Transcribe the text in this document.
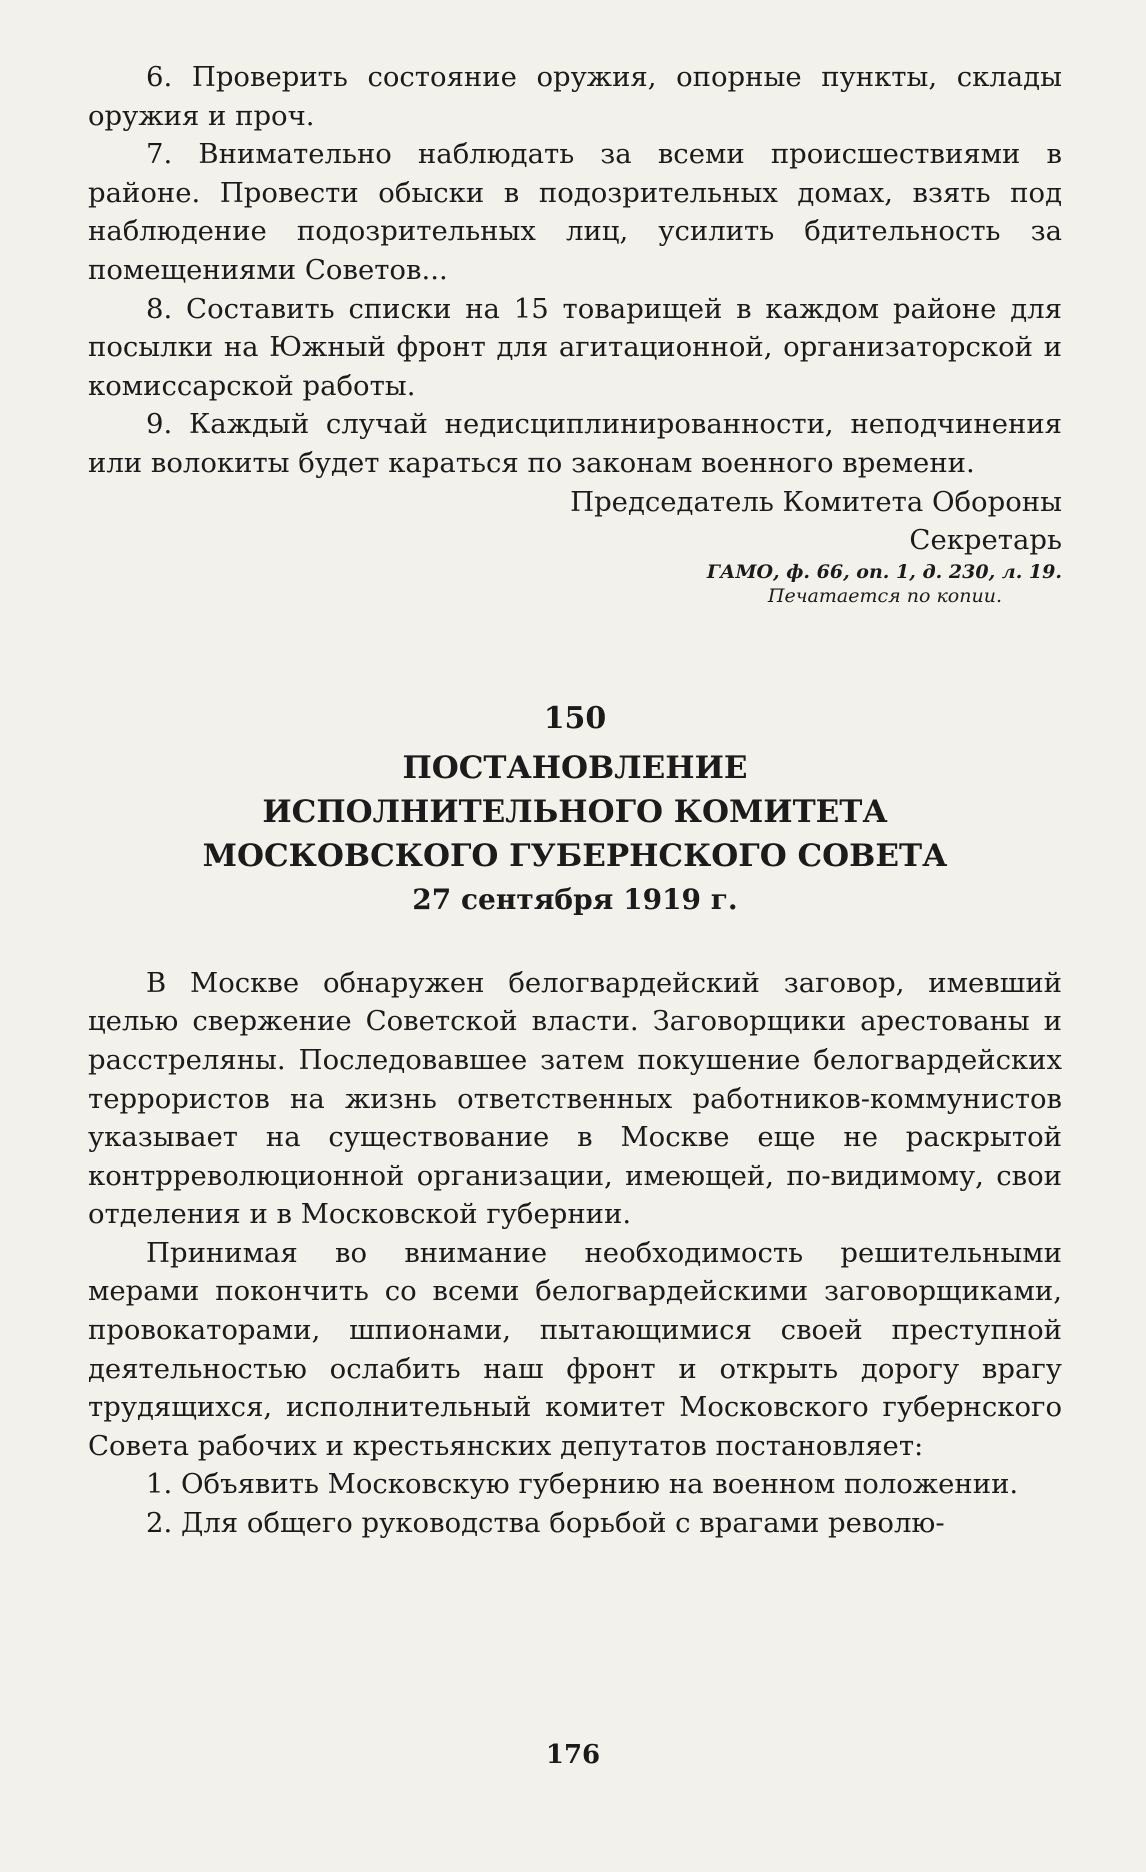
6. Проверить состояние оружия, опорные пункты, склады оружия и проч.

7. Внимательно наблюдать за всеми происшествиями в районе. Провести обыски в подозрительных домах, взять под наблюдение подозрительных лиц, усилить бдительность за помещениями Советов...

8. Составить списки на 15 товарищей в каждом районе для посылки на Южный фронт для агитационной, организаторской и комиссарской работы.

9. Каждый случай недисциплинированности, неподчинения или волокиты будет караться по законам военного времени.

Председатель Комитета Обороны

Секретарь

ГАМО, ф. 66, оп. 1, д. 230, л. 19.
Печатается по копии.

150

ПОСТАНОВЛЕНИЕ

ИСПОЛНИТЕЛЬНОГО КОМИТЕТА

МОСКОВСКОГО ГУБЕРНСКОГО СОВЕТА

27 сентября 1919 г.

В Москве обнаружен белогвардейский заговор, имевший целью свержение Советской власти. Заговорщики арестованы и расстреляны. Последовавшее затем покушение белогвардейских террористов на жизнь ответственных работников-коммунистов указывает на существование в Москве еще не раскрытой контрреволюционной организации, имеющей, по-видимому, свои отделения и в Московской губернии.

Принимая во внимание необходимость решительными мерами покончить со всеми белогвардейскими заговорщиками, провокаторами, шпионами, пытающимися своей преступной деятельностью ослабить наш фронт и открыть дорогу врагу трудящихся, исполнительный комитет Московского губернского Совета рабочих и крестьянских депутатов постановляет:

1. Объявить Московскую губернию на военном положении.

2. Для общего руководства борьбой с врагами револю-

176
